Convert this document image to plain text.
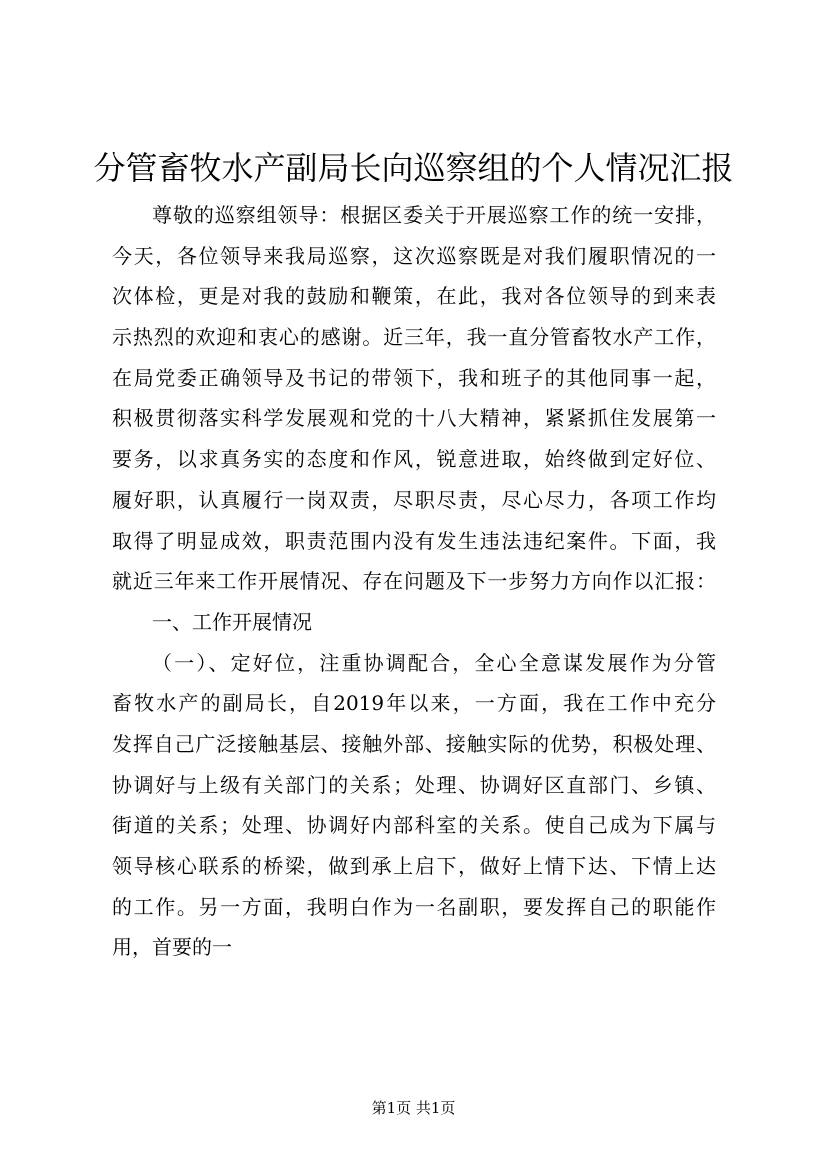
分管畜牧水产副局长向巡察组的个人情况汇报
尊敬的巡察组领导：根据区委关于开展巡察工作的统一安排，
今天，各位领导来我局巡察，这次巡察既是对我们履职情况的一
次体检，更是对我的鼓励和鞭策，在此，我对各位领导的到来表
示热烈的欢迎和衷心的感谢。近三年，我一直分管畜牧水产工作，
在局党委正确领导及书记的带领下，我和班子的其他同事一起，
积极贯彻落实科学发展观和党的十八大精神，紧紧抓住发展第一
要务，以求真务实的态度和作风，锐意进取，始终做到定好位、
履好职，认真履行一岗双责，尽职尽责，尽心尽力，各项工作均
取得了明显成效，职责范围内没有发生违法违纪案件。下面，我
就近三年来工作开展情况、存在问题及下一步努力方向作以汇报：
一、工作开展情况
（一）、定好位，注重协调配合，全心全意谋发展作为分管
畜牧水产的副局长，自2019年以来，一方面，我在工作中充分
发挥自己广泛接触基层、接触外部、接触实际的优势，积极处理、
协调好与上级有关部门的关系；处理、协调好区直部门、乡镇、
街道的关系；处理、协调好内部科室的关系。使自己成为下属与
领导核心联系的桥梁，做到承上启下，做好上情下达、下情上达
的工作。另一方面，我明白作为一名副职，要发挥自己的职能作
用，首要的一
第1页 共1页
